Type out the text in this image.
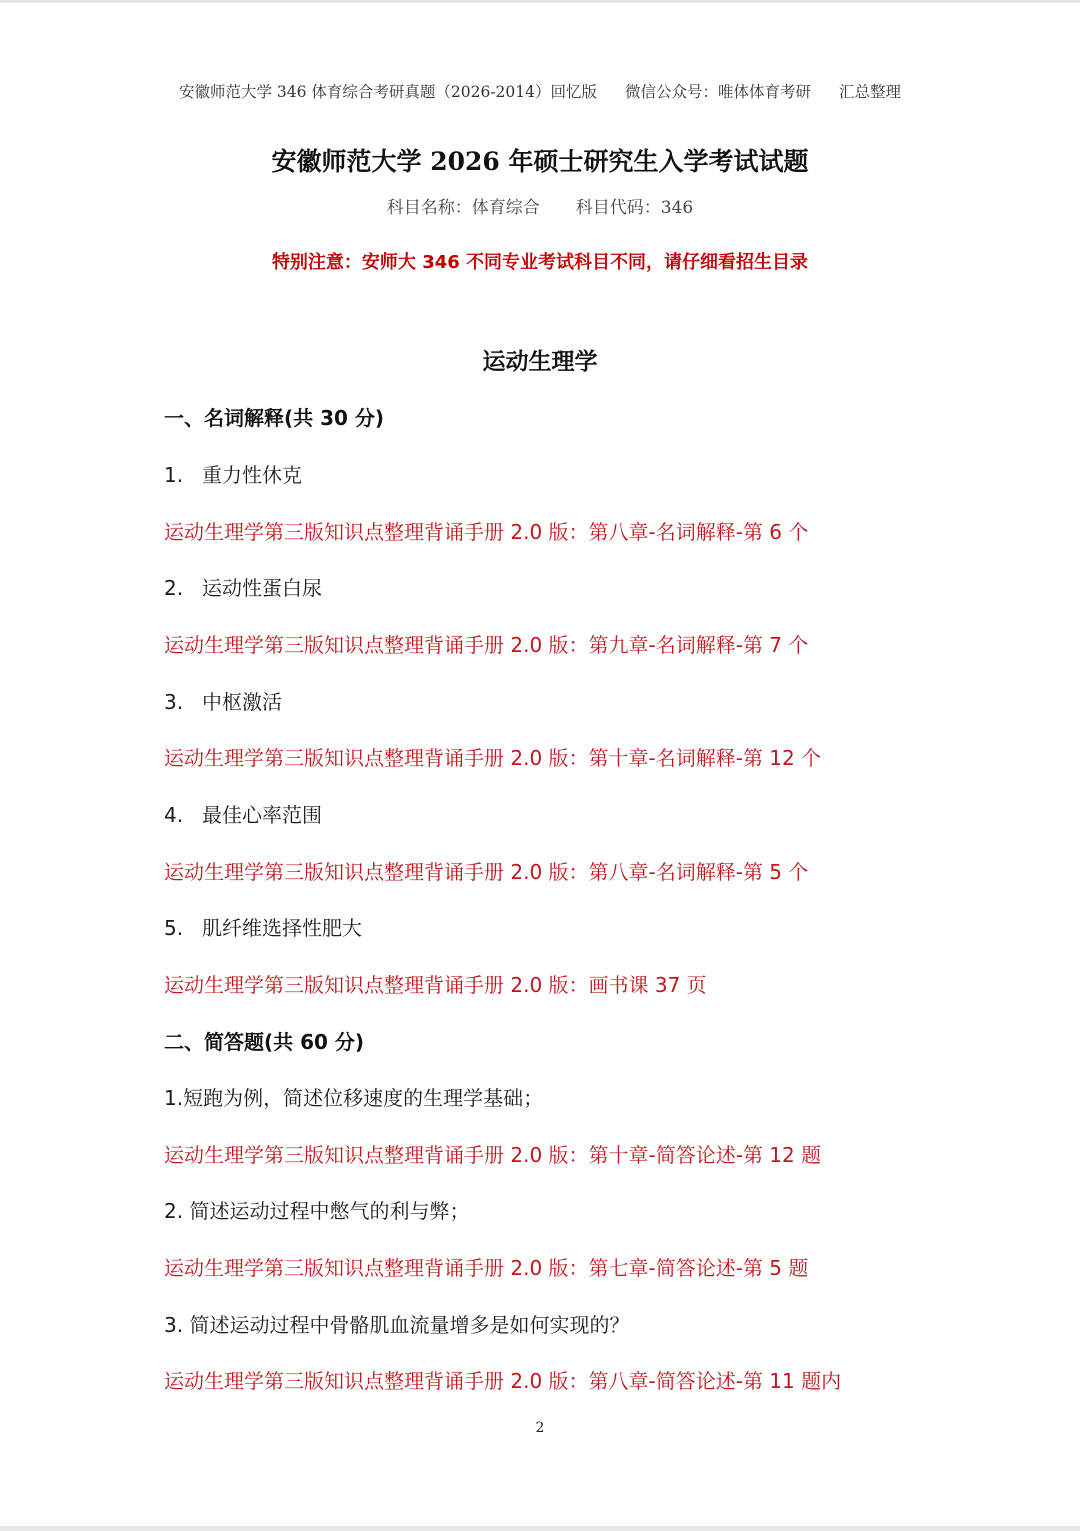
安徽师范大学 346 体育综合考研真题（2026-2014）回忆版 微信公众号：唯体体育考研 汇总整理
安徽师范大学 2026 年硕士研究生入学考试试题
科目名称：体育综合 科目代码：346
特别注意：安师大 346 不同专业考试科目不同，请仔细看招生目录
运动生理学
一、名词解释(共 30 分)
1. 重力性休克
运动生理学第三版知识点整理背诵手册 2.0 版：第八章-名词解释-第 6 个
2. 运动性蛋白尿
运动生理学第三版知识点整理背诵手册 2.0 版：第九章-名词解释-第 7 个
3. 中枢激活
运动生理学第三版知识点整理背诵手册 2.0 版：第十章-名词解释-第 12 个
4. 最佳心率范围
运动生理学第三版知识点整理背诵手册 2.0 版：第八章-名词解释-第 5 个
5. 肌纤维选择性肥大
运动生理学第三版知识点整理背诵手册 2.0 版：画书课 37 页
二、简答题(共 60 分)
1.短跑为例，简述位移速度的生理学基础；
运动生理学第三版知识点整理背诵手册 2.0 版：第十章-简答论述-第 12 题
2. 简述运动过程中憋气的利与弊；
运动生理学第三版知识点整理背诵手册 2.0 版：第七章-简答论述-第 5 题
3. 简述运动过程中骨骼肌血流量增多是如何实现的？
运动生理学第三版知识点整理背诵手册 2.0 版：第八章-简答论述-第 11 题内
2
